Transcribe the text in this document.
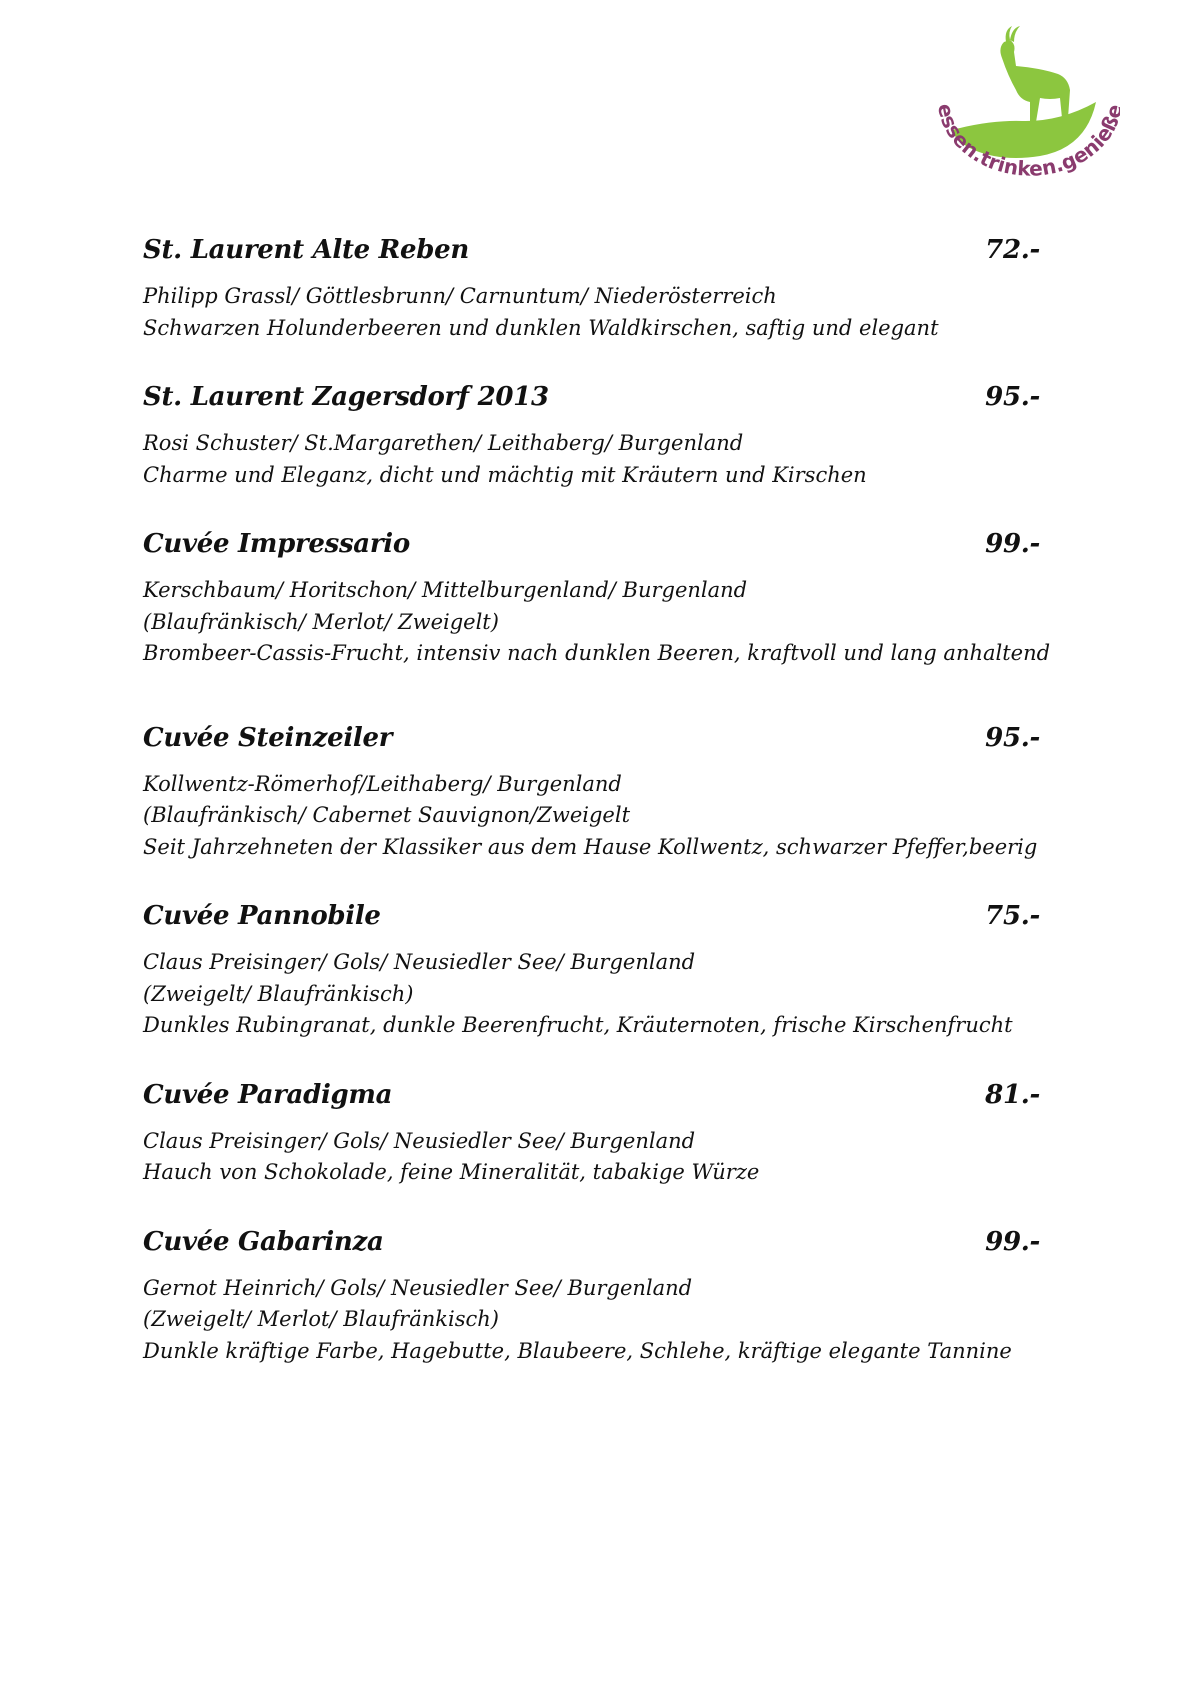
essen.trinken.genie
St. Laurent Alte Reben	72.-
Philipp Grassl/ Göttlesbrunn/ Carnuntum/ Niederösterreich
Schwarzen Holunderbeeren und dunklen Waldkirschen, saftig und elegant
St. Laurent Zagersdorf 2013	95.-
Rosi Schuster/ St.Margarethen/ Leithaberg/ Burgenland
Charme und Eleganz, dicht und mächtig mit Kräutern und Kirschen
Cuvée Impressario	99.-
Kerschbaum/ Horitschon/ Mittelburgenland/ Burgenland
(Blaufränkisch/ Merlot/ Zweigelt)
Brombeer-Cassis-Frucht, intensiv nach dunklen Beeren, kraftvoll und lang anhaltend
Cuvée Steinzeiler	95.-
Kollwentz-Römerhof/Leithaberg/ Burgenland
(Blaufränkisch/ Cabernet Sauvignon/Zweigelt
Seit Jahrzehneten der Klassiker aus dem Hause Kollwentz, schwarzer Pfeffer,beerig
Cuvée Pannobile	75.-
Claus Preisinger/ Gols/ Neusiedler See/ Burgenland
(Zweigelt/ Blaufränkisch)
Dunkles Rubingranat, dunkle Beerenfrucht, Kräuternoten, frische Kirschenfrucht
Cuvée Paradigma	81.-
Claus Preisinger/ Gols/ Neusiedler See/ Burgenland
Hauch von Schokolade, feine Mineralität, tabakige Würze
Cuvée Gabarinza	99.-
Gernot Heinrich/ Gols/ Neusiedler See/ Burgenland
(Zweigelt/ Merlot/ Blaufränkisch)
Dunkle kräftige Farbe, Hagebutte, Blaubeere, Schlehe, kräftige elegante Tannine
